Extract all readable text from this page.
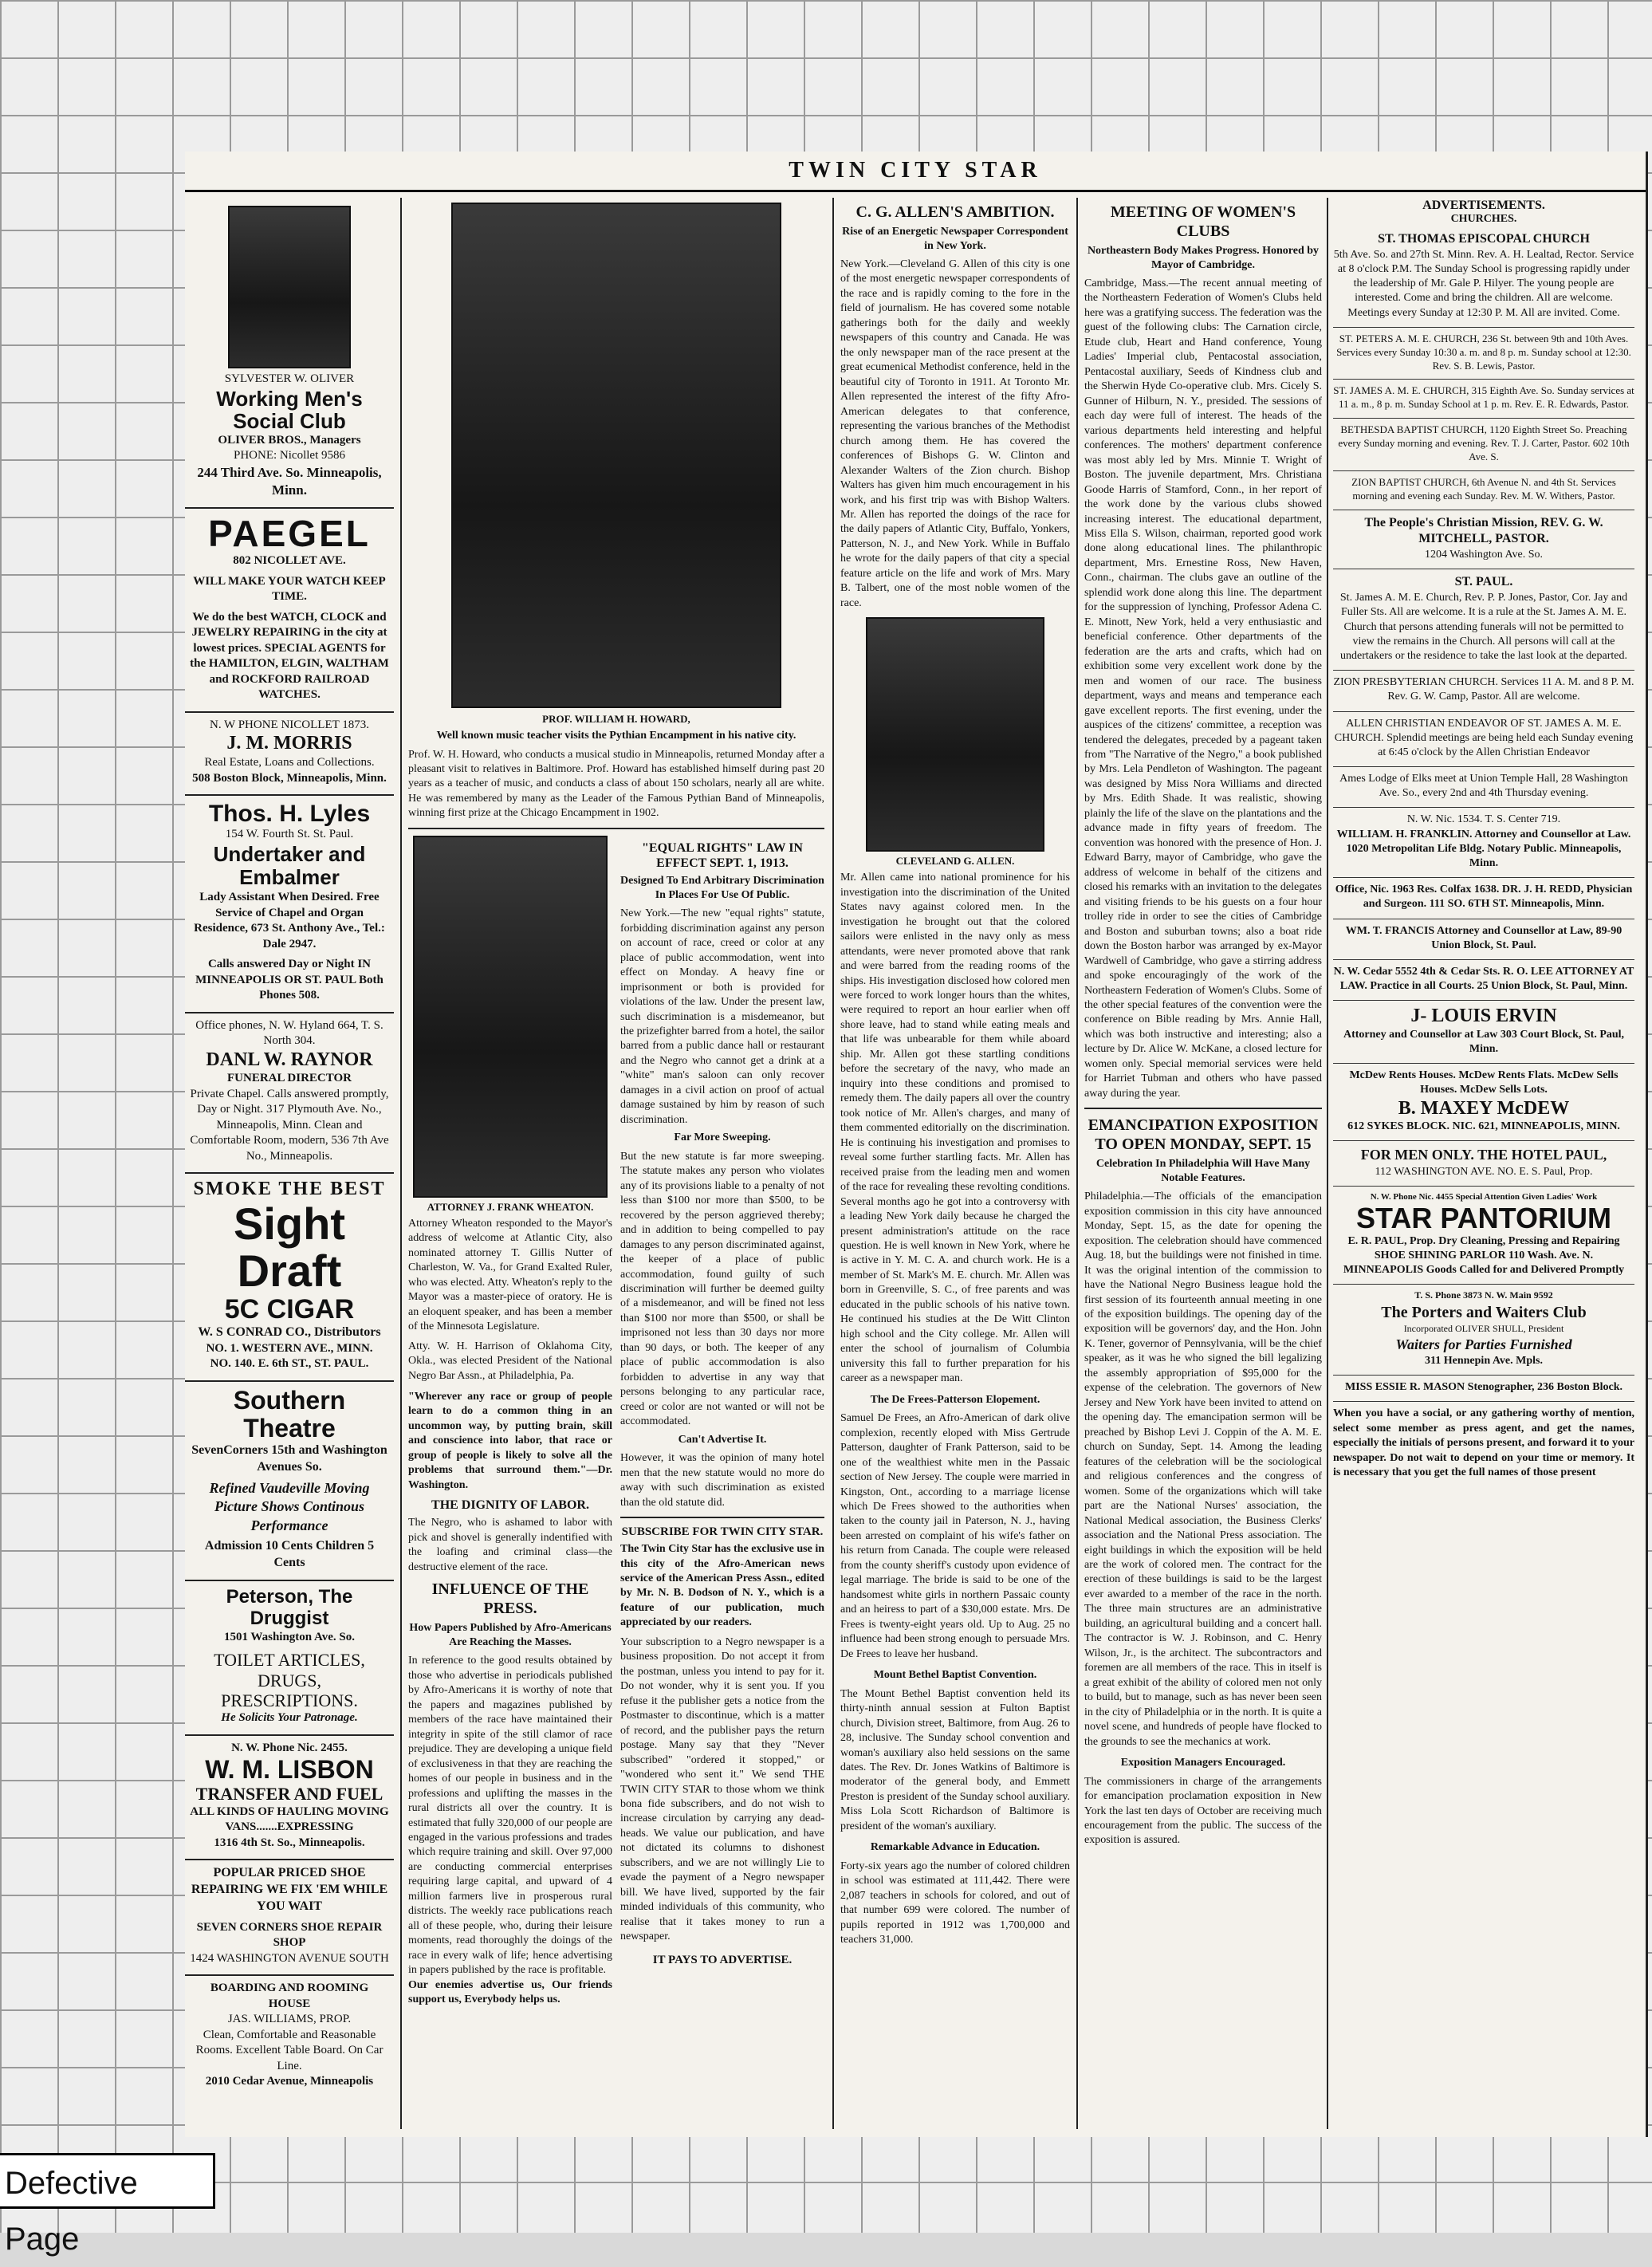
TWIN CITY STAR
SYLVESTER W. OLIVER
Working Men's Social Club
OLIVER BROS., Managers
PHONE: Nicollet 9586
244 Third Ave. So. Minneapolis, Minn.
PAEGEL
802 NICOLLET AVE.
WILL MAKE YOUR WATCH KEEP TIME.
We do the best WATCH, CLOCK and JEWELRY REPAIRING in the city at lowest prices. SPECIAL AGENTS for the HAMILTON, ELGIN, WALTHAM and ROCKFORD RAILROAD WATCHES.
N. W PHONE NICOLLET 1873.
J. M. MORRIS
Real Estate, Loans and Collections.
508 Boston Block, Minneapolis, Minn.
Thos. H. Lyles
154 W. Fourth St. St. Paul.
Undertaker and Embalmer
Lady Assistant When Desired. Free Service of Chapel and Organ Residence, 673 St. Anthony Ave., Tel.: Dale 2947.
Calls answered Day or Night IN MINNEAPOLIS OR ST. PAUL Both Phones 508.
Office phones, N. W. Hyland 664, T. S. North 304.
DANL W. RAYNOR
FUNERAL DIRECTOR
Private Chapel. Calls answered promptly, Day or Night. 317 Plymouth Ave. No., Minneapolis, Minn. Clean and Comfortable Room, modern, 536 7th Ave No., Minneapolis.
SMOKE THE BEST
Sight Draft
5C CIGAR
W. S CONRAD CO., Distributors
NO. 1. WESTERN AVE., MINN.
NO. 140. E. 6th ST., ST. PAUL.
Southern Theatre
SevenCorners 15th and Washington Avenues So.
Refined Vaudeville Moving Picture Shows Continous Performance
Admission 10 Cents Children 5 Cents
Peterson, The Druggist
1501 Washington Ave. So.
TOILET ARTICLES, DRUGS, PRESCRIPTIONS.
He Solicits Your Patronage.
N. W. Phone Nic. 2455.
W. M. LISBON
TRANSFER AND FUEL
ALL KINDS OF HAULING MOVING VANS.......EXPRESSING
1316 4th St. So., Minneapolis.
POPULAR PRICED SHOE REPAIRING WE FIX 'EM WHILE YOU WAIT
SEVEN CORNERS SHOE REPAIR SHOP
1424 WASHINGTON AVENUE SOUTH
BOARDING AND ROOMING HOUSE
JAS. WILLIAMS, PROP.
Clean, Comfortable and Reasonable Rooms. Excellent Table Board. On Car Line.
2010 Cedar Avenue, Minneapolis
PROF. WILLIAM H. HOWARD,
Well known music teacher visits the Pythian Encampment in his native city.
Prof. W. H. Howard, who conducts a musical studio in Minneapolis, returned Monday after a pleasant visit to relatives in Baltimore. Prof. Howard has established himself during past 20 years as a teacher of music, and conducts a class of about 150 scholars, nearly all are white. He was remembered by many as the Leader of the Famous Pythian Band of Minneapolis, winning first prize at the Chicago Encampment in 1902.
ATTORNEY J. FRANK WHEATON.
Attorney Wheaton responded to the Mayor's address of welcome at Atlantic City, also nominated attorney T. Gillis Nutter of Charleston, W. Va., for Grand Exalted Ruler, who was elected. Atty. Wheaton's reply to the Mayor was a master-piece of oratory. He is an eloquent speaker, and has been a member of the Minnesota Legislature.
Atty. W. H. Harrison of Oklahoma City, Okla., was elected President of the National Negro Bar Assn., at Philadelphia, Pa.
"Wherever any race or group of people learn to do a common thing in an uncommon way, by putting brain, skill and conscience into labor, that race or group of people is likely to solve all the problems that surround them."—Dr. Washington.
THE DIGNITY OF LABOR.
The Negro, who is ashamed to labor with pick and shovel is generally indentified with the loafing and criminal class—the destructive element of the race.
INFLUENCE OF THE PRESS.
How Papers Published by Afro-Americans Are Reaching the Masses.
In reference to the good results obtained by those who advertise in periodicals published by Afro-Americans it is worthy of note that the papers and magazines published by members of the race have maintained their integrity in spite of the still clamor of race prejudice. They are developing a unique field of exclusiveness in that they are reaching the homes of our people in business and in the professions and uplifting the masses in the rural districts all over the country. It is estimated that fully 320,000 of our people are engaged in the various professions and trades which require training and skill. Over 97,000 are conducting commercial enterprises requiring large capital, and upward of 4 million farmers live in prosperous rural districts. The weekly race publications reach all of these people, who, during their leisure moments, read thoroughly the doings of the race in every walk of life; hence advertising in papers published by the race is profitable.
Our enemies advertise us, Our friends support us, Everybody helps us.
"EQUAL RIGHTS" LAW IN EFFECT SEPT. 1, 1913.
Designed To End Arbitrary Discrimination In Places For Use Of Public.
New York.—The new "equal rights" statute, forbidding discrimination against any person on account of race, creed or color at any place of public accommodation, went into effect on Monday. A heavy fine or imprisonment or both is provided for violations of the law. Under the present law, such discrimination is a misdemeanor, but the prizefighter barred from a hotel, the sailor barred from a public dance hall or restaurant and the Negro who cannot get a drink at a "white" man's saloon can only recover damages in a civil action on proof of actual damage sustained by him by reason of such discrimination.
Far More Sweeping.
But the new statute is far more sweeping. The statute makes any person who violates any of its provisions liable to a penalty of not less than $100 nor more than $500, to be recovered by the person aggrieved thereby; and in addition to being compelled to pay damages to any person discriminated against, the keeper of a place of public accommodation, found guilty of such discrimination will further be deemed guilty of a misdemeanor, and will be fined not less than $100 nor more than $500, or shall be imprisoned not less than 30 days nor more than 90 days, or both. The keeper of any place of public accommodation is also forbidden to advertise in any way that persons belonging to any particular race, creed or color are not wanted or will not be accommodated.
Can't Advertise It.
However, it was the opinion of many hotel men that the new statute would no more do away with such discrimination as existed than the old statute did.
SUBSCRIBE FOR TWIN CITY STAR.
The Twin City Star has the exclusive use in this city of the Afro-American news service of the American Press Assn., edited by Mr. N. B. Dodson of N. Y., which is a feature of our publication, much appreciated by our readers.
Your subscription to a Negro newspaper is a business proposition. Do not accept it from the postman, unless you intend to pay for it. Do not wonder, why it is sent you. If you refuse it the publisher gets a notice from the Postmaster to discontinue, which is a matter of record, and the publisher pays the return postage. Many say that they "Never subscribed" "ordered it stopped," or "wondered who sent it." We send THE TWIN CITY STAR to those whom we think bona fide subscribers, and do not wish to increase circulation by carrying any dead-heads. We value our publication, and have not dictated its columns to dishonest subscribers, and we are not willingly Lie to evade the payment of a Negro newspaper bill. We have lived, supported by the fair minded individuals of this community, who realise that it takes money to run a newspaper.
IT PAYS TO ADVERTISE.
C. G. ALLEN'S AMBITION.
Rise of an Energetic Newspaper Correspondent in New York.
New York.—Cleveland G. Allen of this city is one of the most energetic newspaper correspondents of the race and is rapidly coming to the fore in the field of journalism. He has covered some notable gatherings both for the daily and weekly newspapers of this country and Canada. He was the only newspaper man of the race present at the great ecumenical Methodist conference, held in the beautiful city of Toronto in 1911. At Toronto Mr. Allen represented the interest of the fifty Afro-American delegates to that conference, representing the various branches of the Methodist church among them. He has covered the conferences of Bishops G. W. Clinton and Alexander Walters of the Zion church. Bishop Walters has given him much encouragement in his work, and his first trip was with Bishop Walters. Mr. Allen has reported the doings of the race for the daily papers of Atlantic City, Buffalo, Yonkers, Patterson, N. J., and New York. While in Buffalo he wrote for the daily papers of that city a special feature article on the life and work of Mrs. Mary B. Talbert, one of the most noble women of the race.
CLEVELAND G. ALLEN.
Mr. Allen came into national prominence for his investigation into the discrimination of the United States navy against colored men. In the investigation he brought out that the colored sailors were enlisted in the navy only as mess attendants, were never promoted above that rank and were barred from the reading rooms of the ships. His investigation disclosed how colored men were forced to work longer hours than the whites, were required to report an hour earlier when off shore leave, had to stand while eating meals and that life was unbearable for them while aboard ship. Mr. Allen got these startling conditions before the secretary of the navy, who made an inquiry into these conditions and promised to remedy them. The daily papers all over the country took notice of Mr. Allen's charges, and many of them commented editorially on the discrimination. He is continuing his investigation and promises to reveal some further startling facts. Mr. Allen has received praise from the leading men and women of the race for revealing these revolting conditions. Several months ago he got into a controversy with a leading New York daily because he charged the present administration's attitude on the race question. He is well known in New York, where he is active in Y. M. C. A. and church work. He is a member of St. Mark's M. E. church. Mr. Allen was born in Greenville, S. C., of free parents and was educated in the public schools of his native town. He continued his studies at the De Witt Clinton high school and the City college. Mr. Allen will enter the school of journalism of Columbia university this fall to further preparation for his career as a newspaper man.
The De Frees-Patterson Elopement.
Samuel De Frees, an Afro-American of dark olive complexion, recently eloped with Miss Gertrude Patterson, daughter of Frank Patterson, said to be one of the wealthiest white men in the Passaic section of New Jersey. The couple were married in Kingston, Ont., according to a marriage license which De Frees showed to the authorities when taken to the county jail in Paterson, N. J., having been arrested on complaint of his wife's father on his return from Canada. The couple were released from the county sheriff's custody upon evidence of legal marriage. The bride is said to be one of the handsomest white girls in northern Passaic county and an heiress to part of a $30,000 estate. Mrs. De Frees is twenty-eight years old. Up to Aug. 25 no influence had been strong enough to persuade Mrs. De Frees to leave her husband.
Mount Bethel Baptist Convention.
The Mount Bethel Baptist convention held its thirty-ninth annual session at Fulton Baptist church, Division street, Baltimore, from Aug. 26 to 28, inclusive. The Sunday school convention and woman's auxiliary also held sessions on the same dates. The Rev. Dr. Jones Watkins of Baltimore is moderator of the general body, and Emmett Preston is president of the Sunday school auxiliary. Miss Lola Scott Richardson of Baltimore is president of the woman's auxiliary.
Remarkable Advance in Education.
Forty-six years ago the number of colored children in school was estimated at 111,442. There were 2,087 teachers in schools for colored, and out of that number 699 were colored. The number of pupils reported in 1912 was 1,700,000 and teachers 31,000.
MEETING OF WOMEN'S CLUBS
Northeastern Body Makes Progress. Honored by Mayor of Cambridge.
Cambridge, Mass.—The recent annual meeting of the Northeastern Federation of Women's Clubs held here was a gratifying success. The federation was the guest of the following clubs: The Carnation circle, Etude club, Heart and Hand conference, Young Ladies' Imperial club, Pentacostal association, Pentacostal auxiliary, Seeds of Kindness club and the Sherwin Hyde Co-operative club. Mrs. Cicely S. Gunner of Hilburn, N. Y., presided. The sessions of each day were full of interest. The heads of the various departments held interesting and helpful conferences. The mothers' department conference was most ably led by Mrs. Minnie T. Wright of Boston. The juvenile department, Mrs. Christiana Goode Harris of Stamford, Conn., in her report of the work done by the various clubs showed increasing interest. The educational department, Miss Ella S. Wilson, chairman, reported good work done along educational lines. The philanthropic department, Mrs. Ernestine Ross, New Haven, Conn., chairman. The clubs gave an outline of the splendid work done along this line. The department for the suppression of lynching, Professor Adena C. E. Minott, New York, held a very enthusiastic and beneficial conference. Other departments of the federation are the arts and crafts, which had on exhibition some very excellent work done by the men and women of our race. The business department, ways and means and temperance each gave excellent reports. The first evening, under the auspices of the citizens' committee, a reception was tendered the delegates, preceded by a pageant taken from "The Narrative of the Negro," a book published by Mrs. Lela Pendleton of Washington. The pageant was designed by Miss Nora Williams and directed by Mrs. Edith Shade. It was realistic, showing plainly the life of the slave on the plantations and the advance made in fifty years of freedom. The convention was honored with the presence of Hon. J. Edward Barry, mayor of Cambridge, who gave the address of welcome in behalf of the citizens and closed his remarks with an invitation to the delegates and visiting friends to be his guests on a four hour trolley ride in order to see the cities of Cambridge and Boston and suburban towns; also a boat ride down the Boston harbor was arranged by ex-Mayor Wardwell of Cambridge, who gave a stirring address and spoke encouragingly of the work of the Northeastern Federation of Women's Clubs. Some of the other special features of the convention were the conference on Bible reading by Mrs. Annie Hall, which was both instructive and interesting; also a lecture by Dr. Alice W. McKane, a closed lecture for women only. Special memorial services were held for Harriet Tubman and others who have passed away during the year.
EMANCIPATION EXPOSITION TO OPEN MONDAY, SEPT. 15
Celebration In Philadelphia Will Have Many Notable Features.
Philadelphia.—The officials of the emancipation exposition commission in this city have announced Monday, Sept. 15, as the date for opening the exposition. The celebration should have commenced Aug. 18, but the buildings were not finished in time. It was the original intention of the commission to have the National Negro Business league hold the first session of its fourteenth annual meeting in one of the exposition buildings. The opening day of the exposition will be governors' day, and the Hon. John K. Tener, governor of Pennsylvania, will be the chief speaker, as it was he who signed the bill legalizing the assembly appropriation of $95,000 for the expense of the celebration. The governors of New Jersey and New York have been invited to attend on the opening day. The emancipation sermon will be preached by Bishop Levi J. Coppin of the A. M. E. church on Sunday, Sept. 14. Among the leading features of the celebration will be the sociological and religious conferences and the congress of women. Some of the organizations which will take part are the National Nurses' association, the National Medical association, the Business Clerks' association and the National Press association. The eight buildings in which the exposition will be held are the work of colored men. The contract for the erection of these buildings is said to be the largest ever awarded to a member of the race in the north. The three main structures are an administrative building, an agricultural building and a concert hall. The contractor is W. J. Robinson, and C. Henry Wilson, Jr., is the architect. The subcontractors and foremen are all members of the race. This in itself is a great exhibit of the ability of colored men not only to build, but to manage, such as has never been seen in the city of Philadelphia or in the north. It is quite a novel scene, and hundreds of people have flocked to the grounds to see the mechanics at work.
Exposition Managers Encouraged.
The commissioners in charge of the arrangements for emancipation proclamation exposition in New York the last ten days of October are receiving much encouragement from the public. The success of the exposition is assured.
ADVERTISEMENTS.
CHURCHES.
ST. THOMAS EPISCOPAL CHURCH
5th Ave. So. and 27th St. Minn. Rev. A. H. Lealtad, Rector. Service at 8 o'clock P.M. The Sunday School is progressing rapidly under the leadership of Mr. Gale P. Hilyer. The young people are interested. Come and bring the children. All are welcome. Meetings every Sunday at 12:30 P. M. All are invited. Come.
ST. PETERS A. M. E. CHURCH, 236 St. between 9th and 10th Aves. Services every Sunday 10:30 a. m. and 8 p. m. Sunday school at 12:30. Rev. S. B. Lewis, Pastor.
ST. JAMES A. M. E. CHURCH, 315 Eighth Ave. So. Sunday services at 11 a. m., 8 p. m. Sunday School at 1 p. m. Rev. E. R. Edwards, Pastor.
BETHESDA BAPTIST CHURCH, 1120 Eighth Street So. Preaching every Sunday morning and evening. Rev. T. J. Carter, Pastor. 602 10th Ave. S.
ZION BAPTIST CHURCH, 6th Avenue N. and 4th St. Services morning and evening each Sunday. Rev. M. W. Withers, Pastor.
The People's Christian Mission, REV. G. W. MITCHELL, PASTOR.
1204 Washington Ave. So.
ST. PAUL.
St. James A. M. E. Church, Rev. P. P. Jones, Pastor, Cor. Jay and Fuller Sts. All are welcome. It is a rule at the St. James A. M. E. Church that persons attending funerals will not be permitted to view the remains in the Church. All persons will call at the undertakers or the residence to take the last look at the departed.
ZION PRESBYTERIAN CHURCH. Services 11 A. M. and 8 P. M. Rev. G. W. Camp, Pastor. All are welcome.
ALLEN CHRISTIAN ENDEAVOR OF ST. JAMES A. M. E. CHURCH. Splendid meetings are being held each Sunday evening at 6:45 o'clock by the Allen Christian Endeavor
Ames Lodge of Elks meet at Union Temple Hall, 28 Washington Ave. So., every 2nd and 4th Thursday evening.
N. W. Nic. 1534. T. S. Center 719.
WILLIAM. H. FRANKLIN. Attorney and Counsellor at Law. 1020 Metropolitan Life Bldg. Notary Public. Minneapolis, Minn.
Office, Nic. 1963 Res. Colfax 1638. DR. J. H. REDD, Physician and Surgeon. 111 SO. 6TH ST. Minneapolis, Minn.
WM. T. FRANCIS Attorney and Counsellor at Law, 89-90 Union Block, St. Paul.
N. W. Cedar 5552 4th & Cedar Sts. R. O. LEE ATTORNEY AT LAW. Practice in all Courts. 25 Union Block, St. Paul, Minn.
J- LOUIS ERVIN
Attorney and Counsellor at Law 303 Court Block, St. Paul, Minn.
McDew Rents Houses. McDew Rents Flats. McDew Sells Houses. McDew Sells Lots.
B. MAXEY McDEW
612 SYKES BLOCK. NIC. 621, MINNEAPOLIS, MINN.
FOR MEN ONLY. THE HOTEL PAUL,
112 WASHINGTON AVE. NO. E. S. Paul, Prop.
N. W. Phone Nic. 4455 Special Attention Given Ladies' Work
STAR PANTORIUM
E. R. PAUL, Prop. Dry Cleaning, Pressing and Repairing SHOE SHINING PARLOR 110 Wash. Ave. N. MINNEAPOLIS Goods Called for and Delivered Promptly
T. S. Phone 3873 N. W. Main 9592
The Porters and Waiters Club
Incorporated OLIVER SHULL, President
Waiters for Parties Furnished
311 Hennepin Ave. Mpls.
MISS ESSIE R. MASON Stenographer, 236 Boston Block.
When you have a social, or any gathering worthy of mention, select some member as press agent, and get the names, especially the initials of persons present, and forward it to your newspaper. Do not wait to depend on your time or memory. It is necessary that you get the full names of those present
Defective Page
